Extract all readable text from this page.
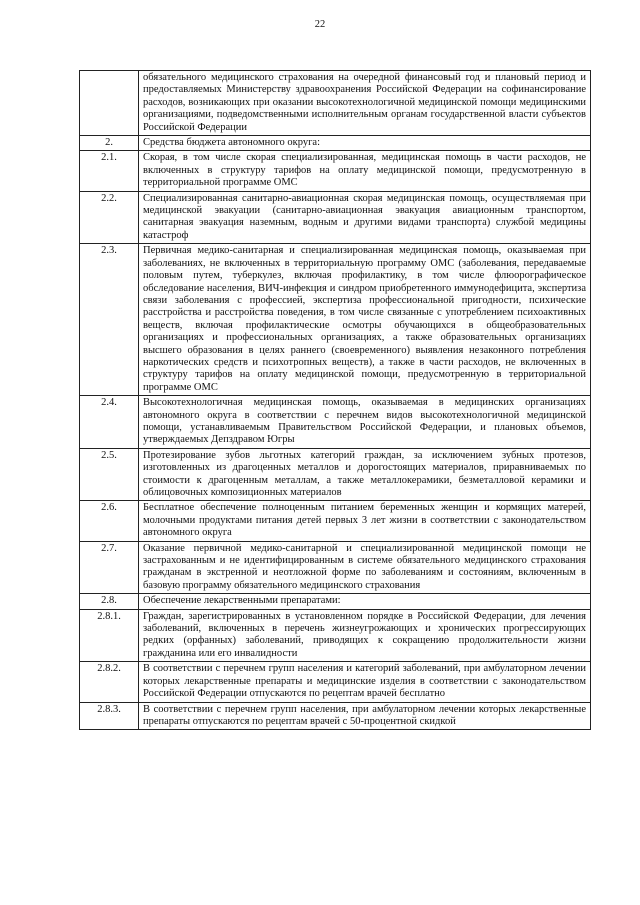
22
	обязательного медицинского страхования на очередной финансовый год и плановый период и предоставляемых Министерству здравоохранения Российской Федерации на софинансирование расходов, возникающих при оказании высокотехнологичной медицинской помощи медицинскими организациями, подведомственными исполнительным органам государственной власти субъектов Российской Федерации
2.	Средства бюджета автономного округа:
2.1.	Скорая, в том числе скорая специализированная, медицинская помощь в части расходов, не включенных в структуру тарифов на оплату медицинской помощи, предусмотренную в территориальной программе ОМС
2.2.	Специализированная санитарно-авиационная скорая медицинская помощь, осуществляемая при медицинской эвакуации (санитарно-авиационная эвакуация авиационным транспортом, санитарная эвакуация наземным, водным и другими видами транспорта) службой медицины катастроф
2.3.	Первичная медико-санитарная и специализированная медицинская помощь, оказываемая при заболеваниях, не включенных в территориальную программу ОМС (заболевания, передаваемые половым путем, туберкулез, включая профилактику, в том числе флюорографическое обследование населения, ВИЧ-инфекция и синдром приобретенного иммунодефицита, экспертиза связи заболевания с профессией, экспертиза профессиональной пригодности, психические расстройства и расстройства поведения, в том числе связанные с употреблением психоактивных веществ, включая профилактические осмотры обучающихся в общеобразовательных организациях и профессиональных организациях, а также образовательных организациях высшего образования в целях раннего (своевременного) выявления незаконного потребления наркотических средств и психотропных веществ), а также в части расходов, не включенных в структуру тарифов на оплату медицинской помощи, предусмотренную в территориальной программе ОМС
2.4.	Высокотехнологичная медицинская помощь, оказываемая в медицинских организациях автономного округа в соответствии с перечнем видов высокотехнологичной медицинской помощи, устанавливаемым Правительством Российской Федерации, и плановых объемов, утверждаемых Депздравом Югры
2.5.	Протезирование зубов льготных категорий граждан, за исключением зубных протезов, изготовленных из драгоценных металлов и дорогостоящих материалов, приравниваемых по стоимости к драгоценным металлам, а также металлокерамики, безметалловой керамики и облицовочных композиционных материалов
2.6.	Бесплатное обеспечение полноценным питанием беременных женщин и кормящих матерей, молочными продуктами питания детей первых 3 лет жизни в соответствии с законодательством автономного округа
2.7.	Оказание первичной медико-санитарной и специализированной медицинской помощи не застрахованным и не идентифицированным в системе обязательного медицинского страхования гражданам в экстренной и неотложной форме по заболеваниям и состояниям, включенным в базовую программу обязательного медицинского страхования
2.8.	Обеспечение лекарственными препаратами:
2.8.1.	Граждан, зарегистрированных в установленном порядке в Российской Федерации, для лечения заболеваний, включенных в перечень жизнеугрожающих и хронических прогрессирующих редких (орфанных) заболеваний, приводящих к сокращению продолжительности жизни гражданина или его инвалидности
2.8.2.	В соответствии с перечнем групп населения и категорий заболеваний, при амбулаторном лечении которых лекарственные препараты и медицинские изделия в соответствии с законодательством Российской Федерации отпускаются по рецептам врачей бесплатно
2.8.3.	В соответствии с перечнем групп населения, при амбулаторном лечении которых лекарственные препараты отпускаются по рецептам врачей с 50-процентной скидкой
